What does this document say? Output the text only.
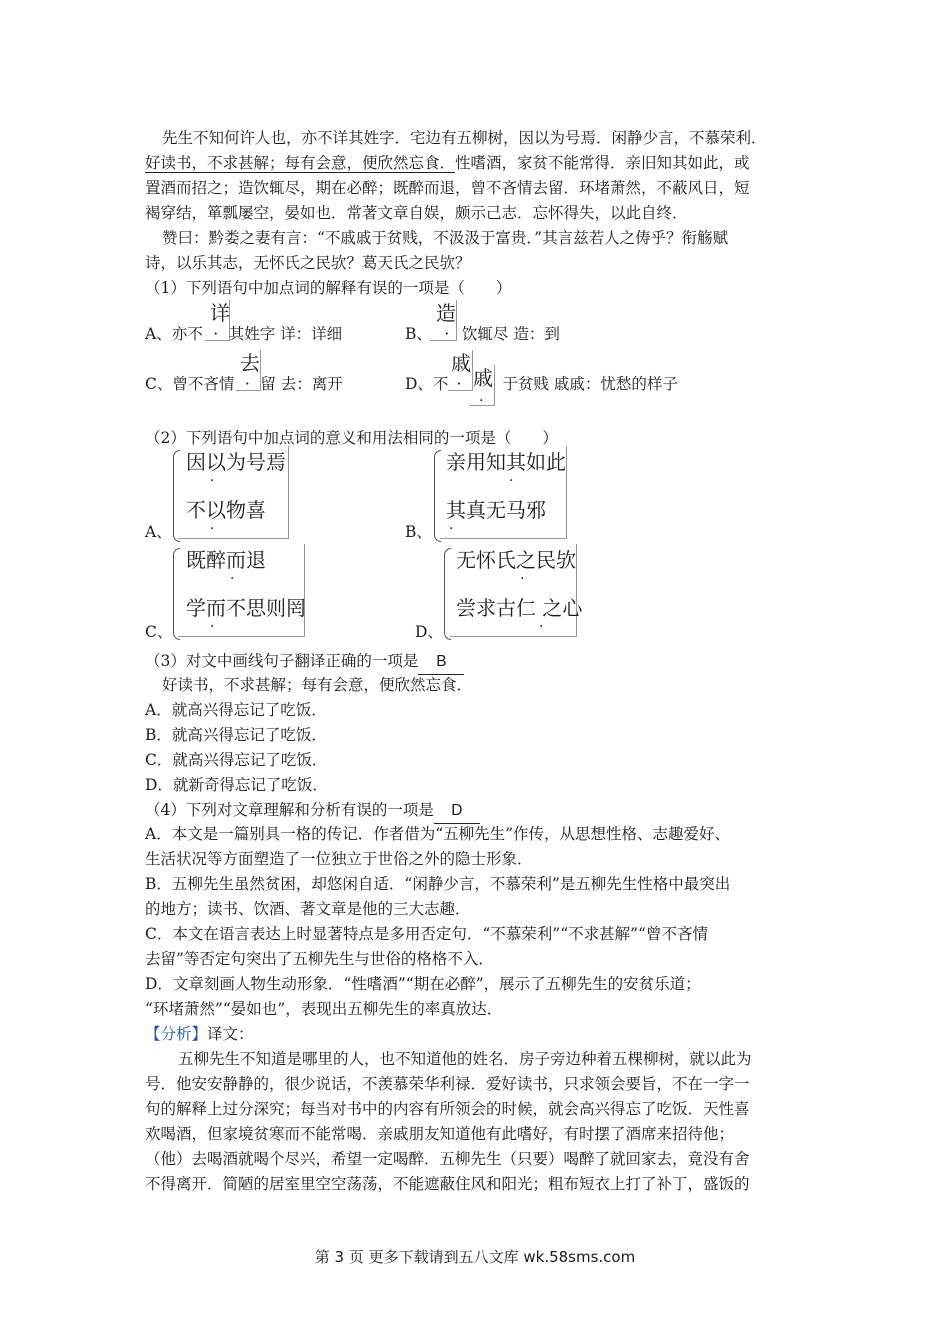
先生不知何许人也，亦不详其姓字．宅边有五柳树，因以为号焉．闲静少言，不慕荣利．
好读书，不求甚解；每有会意，便欣然忘食．性嗜酒，家贫不能常得．亲旧知其如此，或
置酒而招之；造饮辄尽，期在必醉；既醉而退，曾不吝情去留．环堵萧然，不蔽风日，短
褐穿结，箪瓢屡空，晏如也．常著文章自娱，颇示己志．忘怀得失，以此自终．
赞曰：黔娄之妻有言：“不戚戚于贫贱，不汲汲于富贵．”其言兹若人之俦乎？衔觞赋
诗，以乐其志，无怀氏之民欤？葛天氏之民欤？
（1）下列语句中加点词的解释有误的一项是（　　）
详
A、亦不 · 其姓字 详：详细
造
B、 · 饮辄尽 造：到
去
C、曾不吝情 · 留 去：离开
戚
戚
·
D、不 ·	于贫贱 戚戚：忧愁的样子
（2）下列语句中加点词的意义和用法相同的一项是（　　）
A、
因以为号焉
·
不以物喜
·	B、
亲用知其如此
·
其真无马邪
·
C、
既醉而退
·
学而不思则罔
·	D、
无怀氏之民欤
·
尝求古仁 之心
·
（3）对文中画线句子翻译正确的一项是 B
好读书，不求甚解；每有会意，便欣然忘食．
A．就高兴得忘记了吃饭．
B．就高兴得忘记了吃饭．
C．就高兴得忘记了吃饭．
D．就新奇得忘记了吃饭．
（4）下列对文章理解和分析有误的一项是 D
A．本文是一篇别具一格的传记．作者借为“五柳先生”作传，从思想性格、志趣爱好、
生活状况等方面塑造了一位独立于世俗之外的隐士形象．
B．五柳先生虽然贫困，却悠闲自适．“闲静少言，不慕荣利”是五柳先生性格中最突出
的地方；读书、饮酒、著文章是他的三大志趣．
C．本文在语言表达上时显著特点是多用否定句．“不慕荣利”“不求甚解”“曾不吝情
去留”等否定句突出了五柳先生与世俗的格格不入．
D．文章刻画人物生动形象．“性嗜酒”“期在必醉”，展示了五柳先生的安贫乐道；
“环堵萧然”“晏如也”，表现出五柳先生的率真放达．
【分析】译文：
五柳先生不知道是哪里的人，也不知道他的姓名．房子旁边种着五棵柳树，就以此为
号．他安安静静的，很少说话，不羡慕荣华利禄．爱好读书，只求领会要旨，不在一字一
句的解释上过分深究；每当对书中的内容有所领会的时候，就会高兴得忘了吃饭．天性喜
欢喝酒，但家境贫寒而不能常喝．亲戚朋友知道他有此嗜好，有时摆了酒席来招待他；
（他）去喝酒就喝个尽兴，希望一定喝醉．五柳先生（只要）喝醉了就回家去，竟没有舍
不得离开．简陋的居室里空空荡荡，不能遮蔽住风和阳光；粗布短衣上打了补丁，盛饭的
第 3 页 更多下载请到五八文库 wk.58sms.com
